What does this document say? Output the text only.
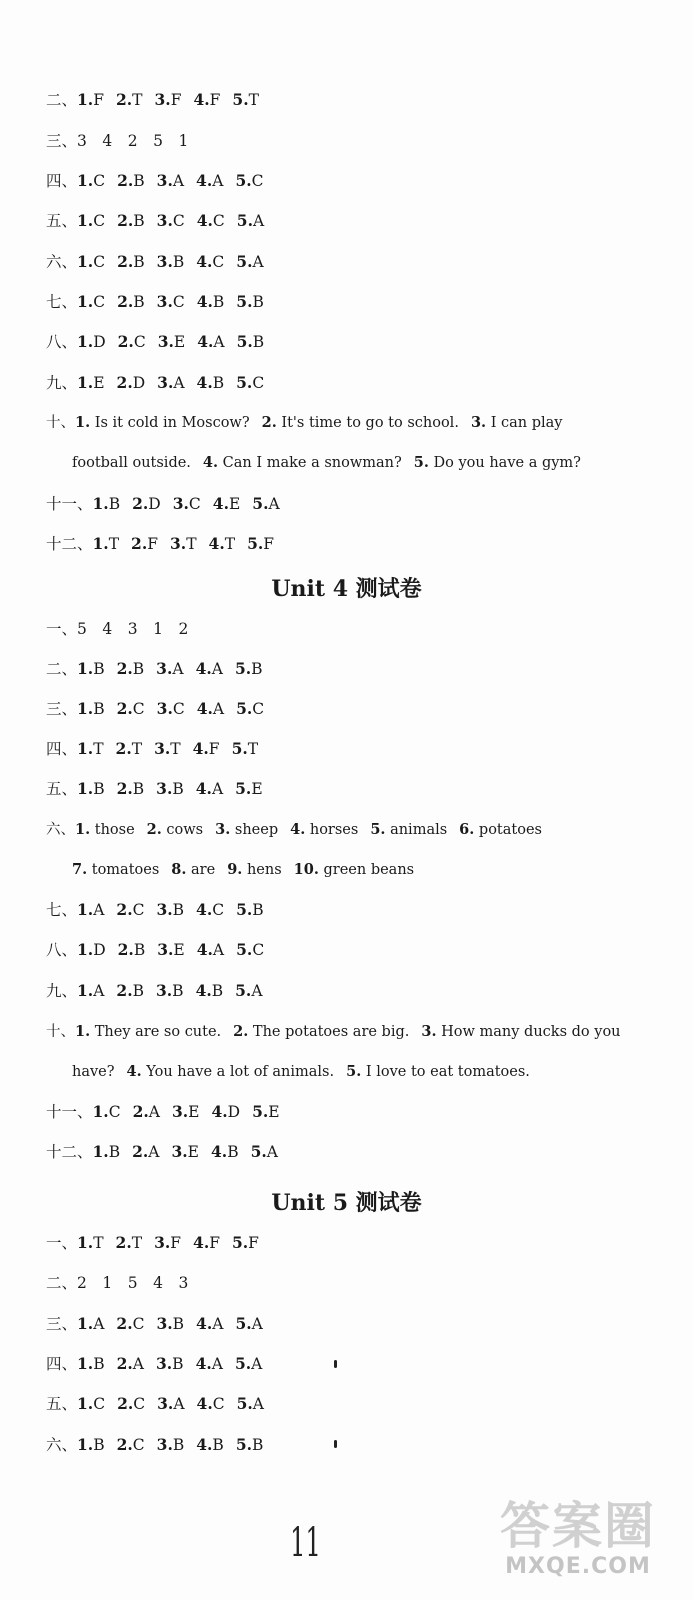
二、1.F 2.T 3.F 4.F 5.T
三、3　4　2　5　1
四、1.C 2.B 3.A 4.A 5.C
五、1.C 2.B 3.C 4.C 5.A
六、1.C 2.B 3.B 4.C 5.A
七、1.C 2.B 3.C 4.B 5.B
八、1.D 2.C 3.E 4.A 5.B
九、1.E 2.D 3.A 4.B 5.C
十、1. Is it cold in Moscow? 2. It's time to go to school. 3. I can play
football outside. 4. Can I make a snowman? 5. Do you have a gym?
十一、1.B 2.D 3.C 4.E 5.A
十二、1.T 2.F 3.T 4.T 5.F
Unit 4 测试卷
一、5　4　3　1　2
二、1.B 2.B 3.A 4.A 5.B
三、1.B 2.C 3.C 4.A 5.C
四、1.T 2.T 3.T 4.F 5.T
五、1.B 2.B 3.B 4.A 5.E
六、1. those 2. cows 3. sheep 4. horses 5. animals 6. potatoes
7. tomatoes 8. are 9. hens 10. green beans
七、1.A 2.C 3.B 4.C 5.B
八、1.D 2.B 3.E 4.A 5.C
九、1.A 2.B 3.B 4.B 5.A
十、1. They are so cute. 2. The potatoes are big. 3. How many ducks do you
have? 4. You have a lot of animals. 5. I love to eat tomatoes.
十一、1.C 2.A 3.E 4.D 5.E
十二、1.B 2.A 3.E 4.B 5.A
Unit 5 测试卷
一、1.T 2.T 3.F 4.F 5.F
二、2　1　5　4　3
三、1.A 2.C 3.B 4.A 5.A
四、1.B 2.A 3.B 4.A 5.A
五、1.C 2.C 3.A 4.C 5.A
六、1.B 2.C 3.B 4.B 5.B
11	答案圈
MXQE.COM
